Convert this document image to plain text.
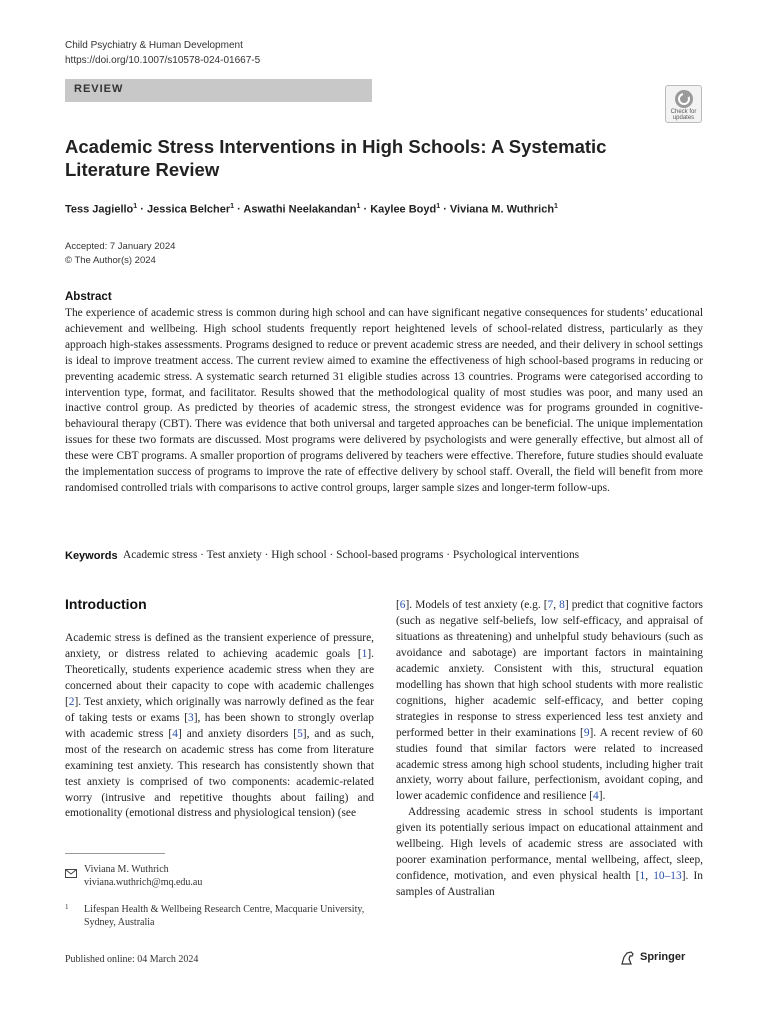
Child Psychiatry & Human Development
https://doi.org/10.1007/s10578-024-01667-5
REVIEW
Check for
updates
Academic Stress Interventions in High Schools: A Systematic Literature Review
Tess Jagiello$^1$ · Jessica Belcher$^1$ · Aswathi Neelakandan$^1$ · Kaylee Boyd$^1$ · Viviana M. Wuthrich$^1$
Accepted: 7 January 2024
© The Author(s) 2024
Abstract
The experience of academic stress is common during high school and can have significant negative consequences for students’ educational achievement and wellbeing. High school students frequently report heightened levels of school-related distress, particularly as they approach high-stakes assessments. Programs designed to reduce or prevent academic stress are needed, and their delivery in school settings is ideal to improve treatment access. The current review aimed to examine the effectiveness of high school-based programs in reducing or preventing academic stress. A systematic search returned 31 eligible studies across 13 countries. Programs were categorised according to intervention type, format, and facilitator. Results showed that the methodological quality of most studies was poor, and many used an inactive control group. As predicted by theories of academic stress, the strongest evidence was for programs grounded in cognitive-behavioural therapy (CBT). There was evidence that both universal and targeted approaches can be beneficial. The unique implementation issues for these two formats are discussed. Most programs were delivered by psychologists and were generally effective, but almost all of these were CBT programs. A smaller proportion of programs delivered by teachers were effective. Therefore, future studies should evaluate the implementation success of programs to improve the rate of effective delivery by school staff. Overall, the field will benefit from more randomised controlled trials with comparisons to active control groups, larger sample sizes and longer-term follow-ups.
Keywords Academic stress · Test anxiety · High school · School-based programs · Psychological interventions
Introduction
Academic stress is defined as the transient experience of pressure, anxiety, or distress related to achieving academic goals [1]. Theoretically, students experience academic stress when they are concerned about their capacity to cope with academic challenges [2]. Test anxiety, which originally was narrowly defined as the fear of taking tests or exams [3], has been shown to strongly overlap with academic stress [4] and anxiety disorders [5], and as such, most of the research on academic stress has come from literature examining test anxiety. This research has consistently shown that test anxiety is comprised of two components: academic-related worry (intrusive and repetitive thoughts about failing) and emotionality (emotional distress and physiological tension) (see
[6]. Models of test anxiety (e.g. [7, 8] predict that cognitive factors (such as negative self-beliefs, low self-efficacy, and appraisal of situations as threatening) and unhelpful study behaviours (such as avoidance and sabotage) are important factors in maintaining academic anxiety. Consistent with this, structural equation modelling has shown that high school students with more realistic cognitions, higher academic self-efficacy, and better coping strategies in response to stress experienced less test anxiety and performed better in their examinations [9]. A recent review of 60 studies found that similar factors were related to increased academic stress among high school students, including higher trait anxiety, worry about failure, perfectionism, avoidant coping, and lower academic confidence and resilience [4].
Addressing academic stress in school students is important given its potentially serious impact on educational attainment and wellbeing. High levels of academic stress are associated with poorer examination performance, mental wellbeing, affect, sleep, confidence, motivation, and even physical health [1, 10–13]. In samples of Australian
Viviana M. Wuthrich
viviana.wuthrich@mq.edu.au
1 Lifespan Health & Wellbeing Research Centre, Macquarie University, Sydney, Australia
Published online: 04 March 2024	Springer
